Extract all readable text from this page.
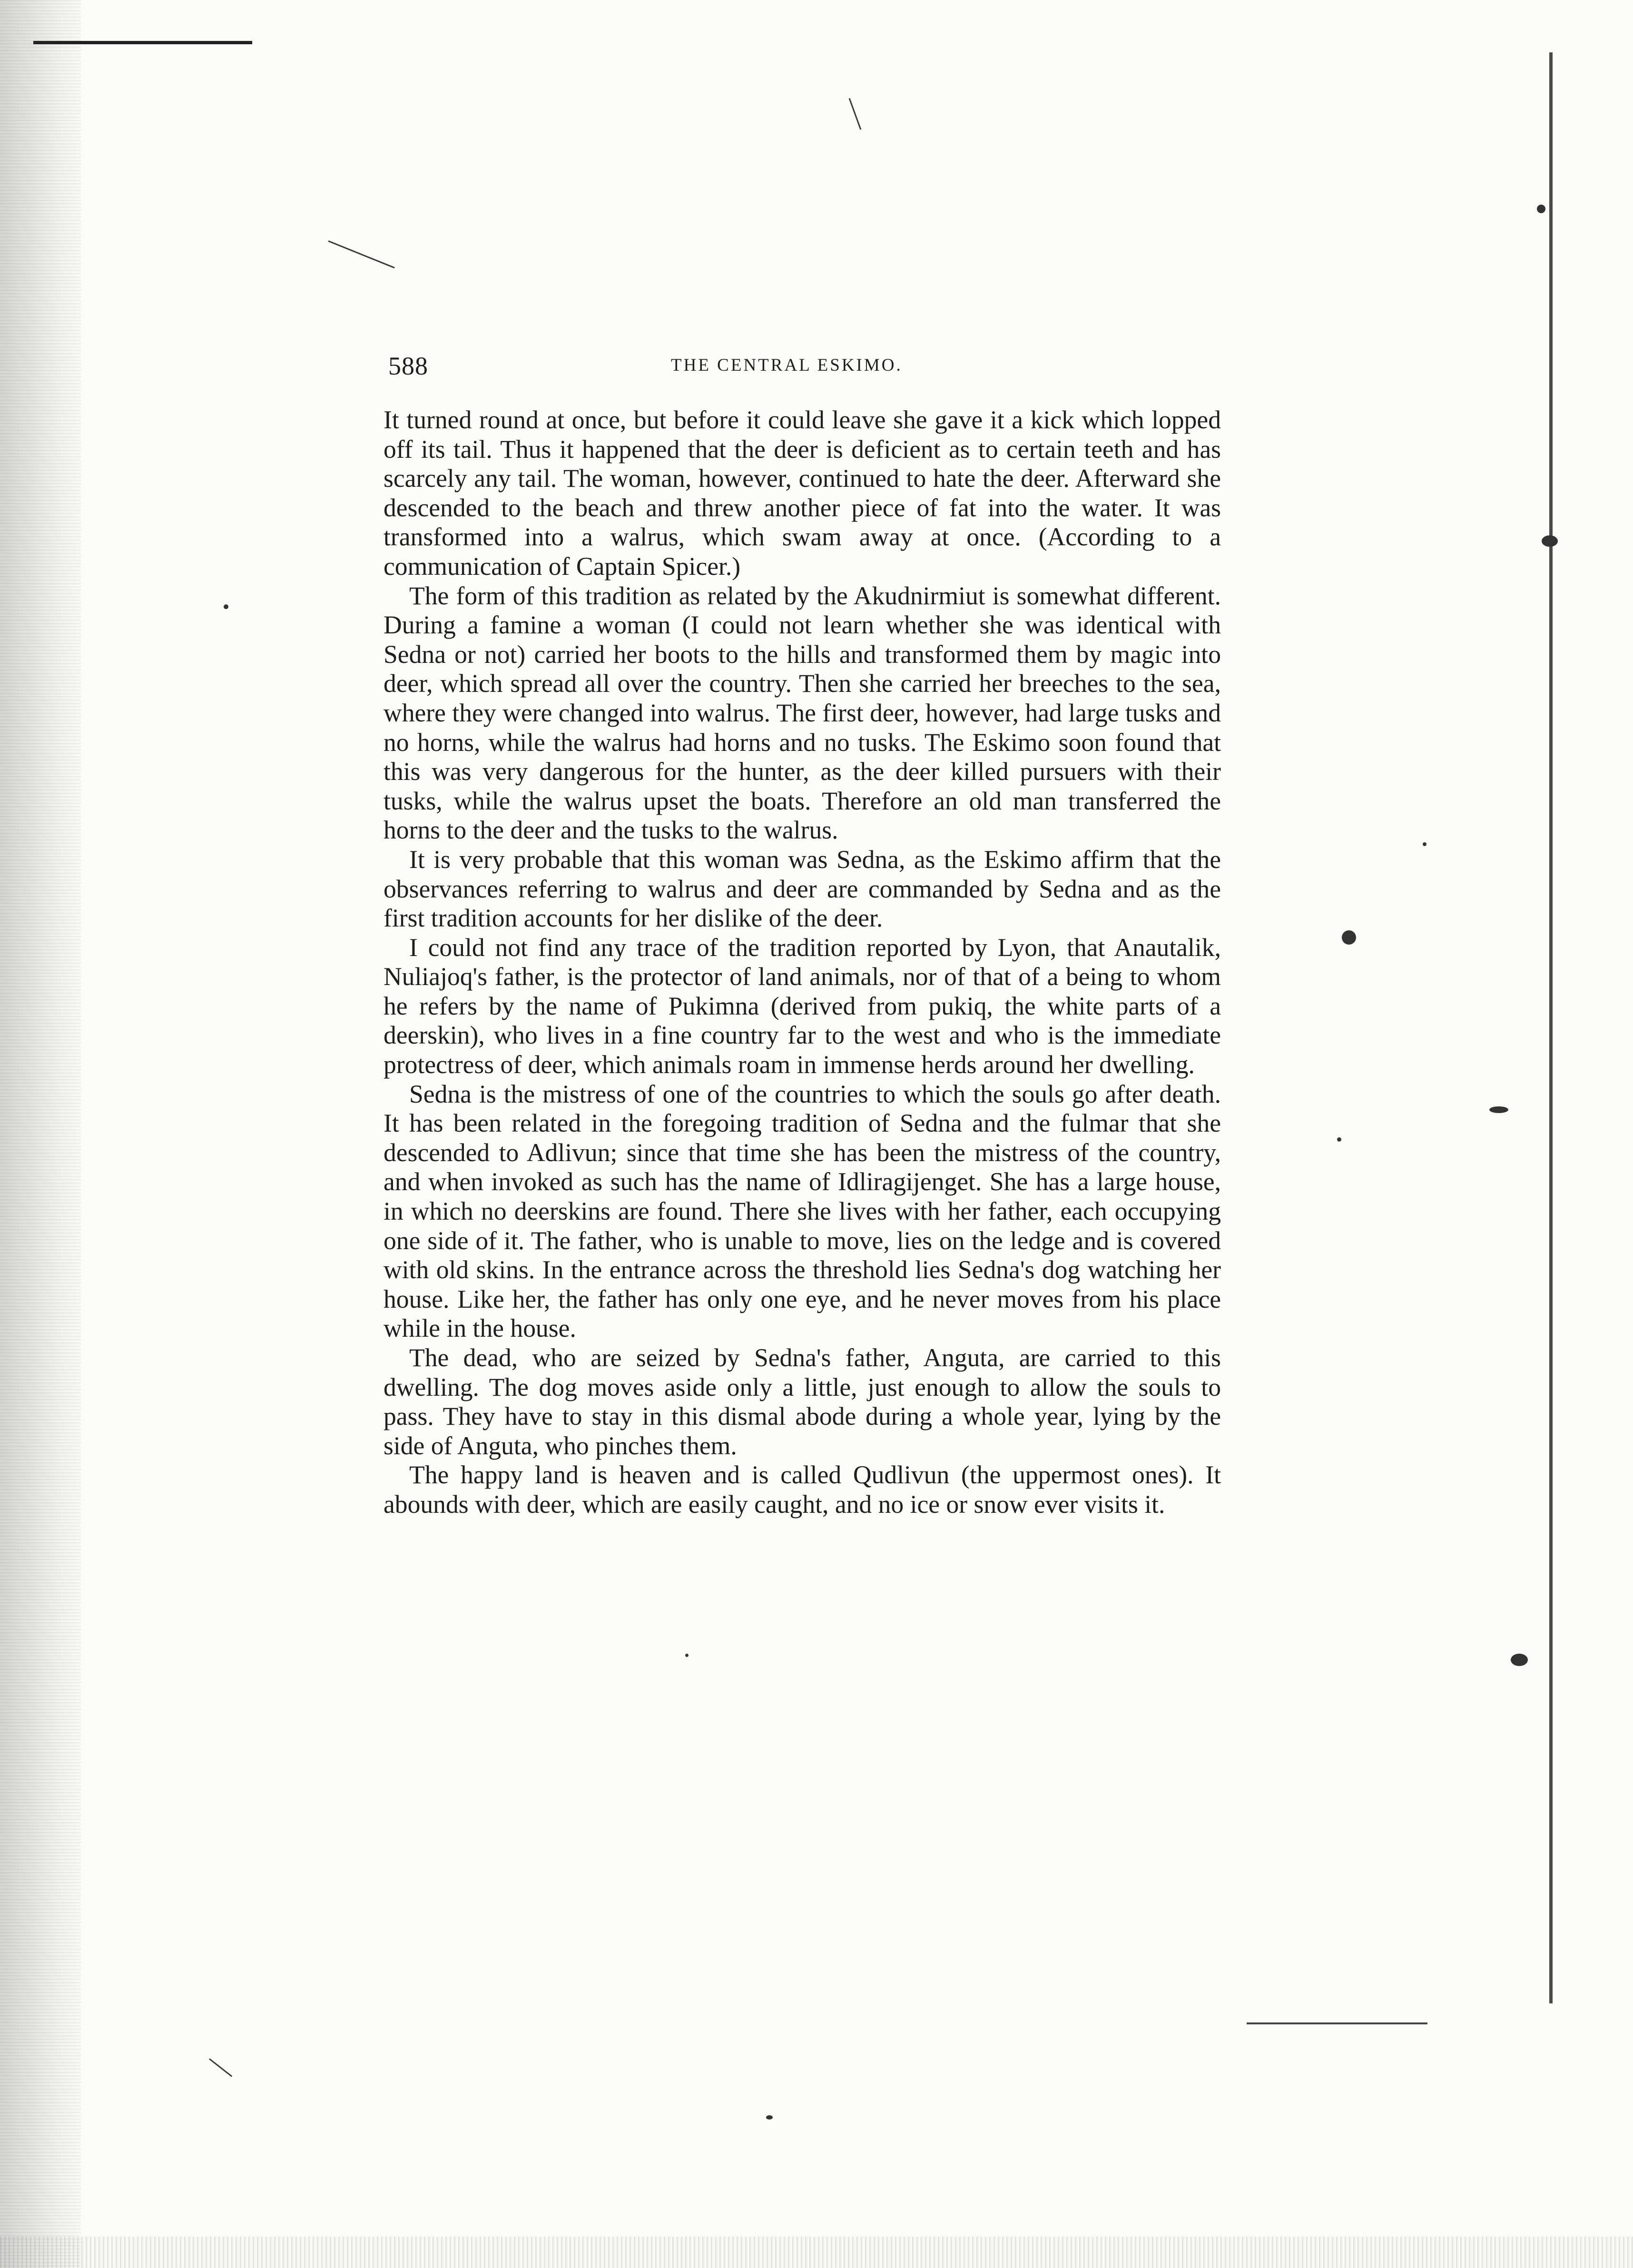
588	THE CENTRAL ESKIMO.

It turned round at once, but before it could leave she gave it a kick which lopped off its tail. Thus it happened that the deer is deficient as to certain teeth and has scarcely any tail. The woman, however, continued to hate the deer. Afterward she descended to the beach and threw another piece of fat into the water. It was transformed into a walrus, which swam away at once. (According to a communication of Captain Spicer.)

The form of this tradition as related by the Akudnirmiut is somewhat different. During a famine a woman (I could not learn whether she was identical with Sedna or not) carried her boots to the hills and transformed them by magic into deer, which spread all over the country. Then she carried her breeches to the sea, where they were changed into walrus. The first deer, however, had large tusks and no horns, while the walrus had horns and no tusks. The Eskimo soon found that this was very dangerous for the hunter, as the deer killed pursuers with their tusks, while the walrus upset the boats. Therefore an old man transferred the horns to the deer and the tusks to the walrus.

It is very probable that this woman was Sedna, as the Eskimo affirm that the observances referring to walrus and deer are commanded by Sedna and as the first tradition accounts for her dislike of the deer.

I could not find any trace of the tradition reported by Lyon, that Anautalik, Nuliajoq's father, is the protector of land animals, nor of that of a being to whom he refers by the name of Pukimna (derived from pukiq, the white parts of a deerskin), who lives in a fine country far to the west and who is the immediate protectress of deer, which animals roam in immense herds around her dwelling.

Sedna is the mistress of one of the countries to which the souls go after death. It has been related in the foregoing tradition of Sedna and the fulmar that she descended to Adlivun; since that time she has been the mistress of the country, and when invoked as such has the name of Idliragijenget. She has a large house, in which no deerskins are found. There she lives with her father, each occupying one side of it. The father, who is unable to move, lies on the ledge and is covered with old skins. In the entrance across the threshold lies Sedna's dog watching her house. Like her, the father has only one eye, and he never moves from his place while in the house.

The dead, who are seized by Sedna's father, Anguta, are carried to this dwelling. The dog moves aside only a little, just enough to allow the souls to pass. They have to stay in this dismal abode during a whole year, lying by the side of Anguta, who pinches them.

The happy land is heaven and is called Qudlivun (the uppermost ones). It abounds with deer, which are easily caught, and no ice or snow ever visits it.
